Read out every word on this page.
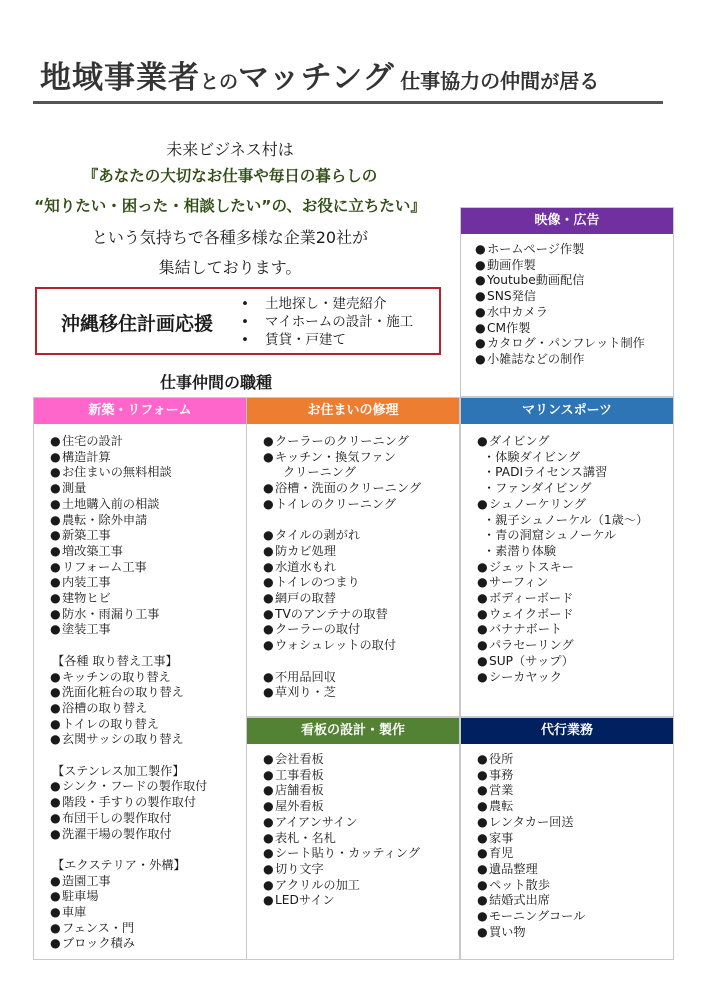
地域事業者とのマッチング 仕事協力の仲間が居る
未来ビジネス村は
『あなたの大切なお仕事や毎日の暮らしの
“知りたい・困った・相談したい”の、お役に立ちたい』
という気持ちで各種多様な企業20社が
集結しております。
沖縄移住計画応援
• 土地探し・建売紹介
• マイホームの設計・施工
• 賃貸・戸建て
仕事仲間の職種
映像・広告
●ホームページ作製
●動画作製
●Youtube動画配信
●SNS発信
●水中カメラ
●CM作製
●カタログ・パンフレット制作
●小雑誌などの制作
新築・リフォーム
●住宅の設計
●構造計算
●お住まいの無料相談
●測量
●土地購入前の相談
●農転・除外申請
●新築工事
●増改築工事
●リフォーム工事
●内装工事
●建物ヒビ
●防水・雨漏り工事
●塗装工事
【各種 取り替え工事】
●キッチンの取り替え
●洗面化粧台の取り替え
●浴槽の取り替え
●トイレの取り替え
●玄関サッシの取り替え
【ステンレス加工製作】
●シンク・フードの製作取付
●階段・手すりの製作取付
●布団干しの製作取付
●洗濯干場の製作取付
【エクステリア・外構】
●造園工事
●駐車場
●車庫
●フェンス・門
●ブロック積み
お住まいの修理
●クーラーのクリーニング
●キッチン・換気ファン
クリーニング
●浴槽・洗面のクリーニング
●トイレのクリーニング
●タイルの剥がれ
●防カビ処理
●水道水もれ
●トイレのつまり
●網戸の取替
●TVのアンテナの取替
●クーラーの取付
●ウォシュレットの取付
●不用品回収
●草刈り・芝
マリンスポーツ
●ダイビング
・体験ダイビング
・PADIライセンス講習
・ファンダイビング
●シュノーケリング
・親子シュノーケル（1歳～）
・青の洞窟シュノーケル
・素潜り体験
●ジェットスキー
●サーフィン
●ボディーボード
●ウェイクボード
●バナナボート
●パラセーリング
●SUP（サップ）
●シーカヤック
看板の設計・製作
●会社看板
●工事看板
●店舗看板
●屋外看板
●アイアンサイン
●表札・名札
●シート貼り・カッティング
●切り文字
●アクリルの加工
●LEDサイン
代行業務
●役所
●事務
●営業
●農転
●レンタカー回送
●家事
●育児
●遺品整理
●ペット散歩
●結婚式出席
●モーニングコール
●買い物
